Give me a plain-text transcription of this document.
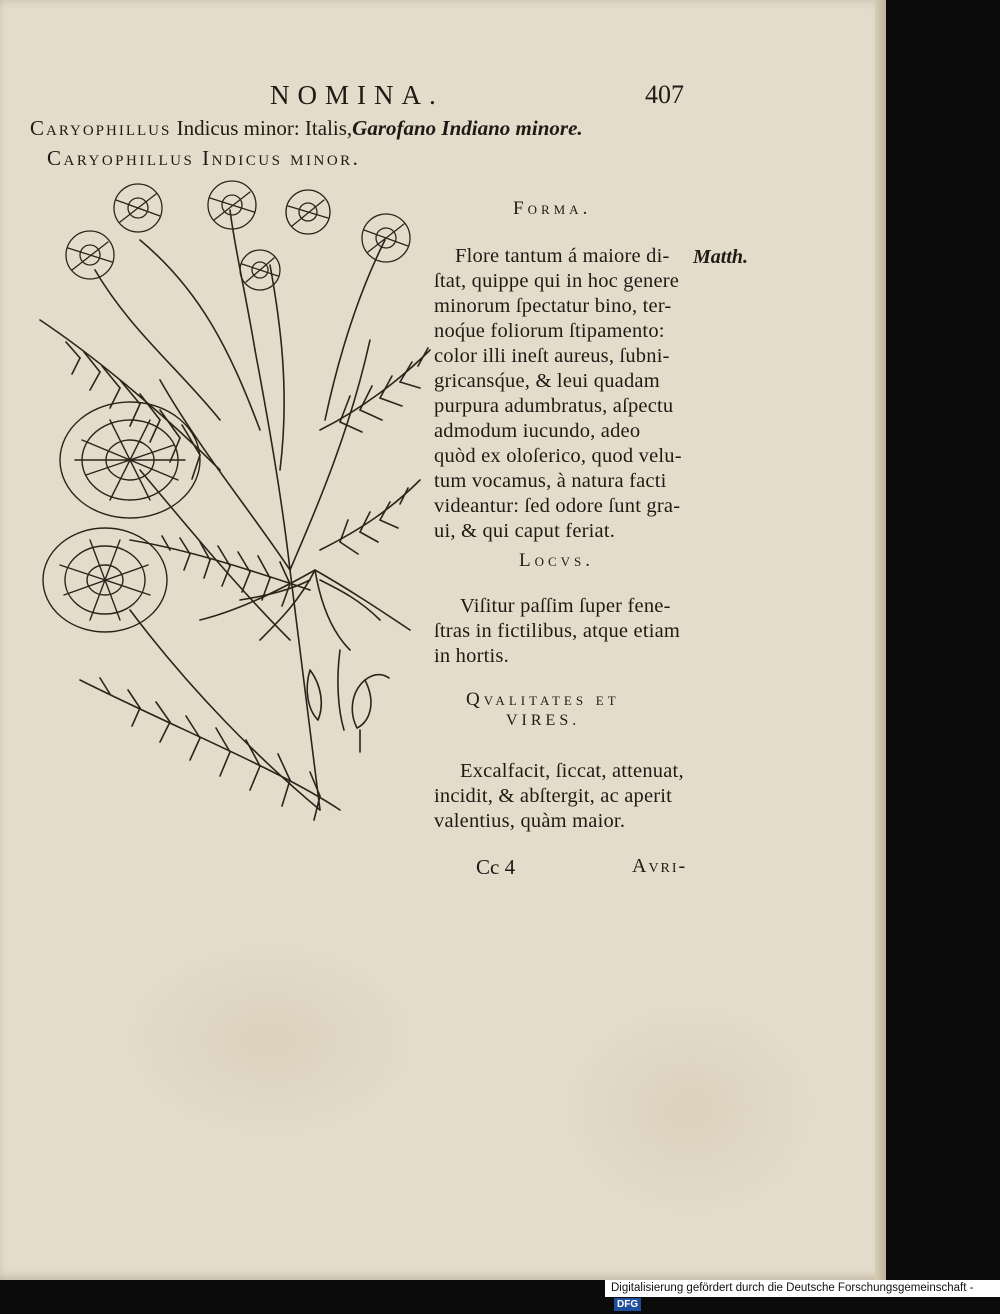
NOMINA.	407
Caryophillus Indicus minor: Italis,Garofano Indiano minore.
Caryophillus Indicus minor.
Forma.
Matth.
Flore tantum á maiore di-
ſtat, quippe qui in hoc genere
minorum ſpectatur bino, ter-
noq́ue foliorum ſtipamento:
color illi ineſt aureus, ſubni-
gricansq́ue, & leui quadam
purpura adumbratus, aſpectu
admodum iucundo, adeo
quòd ex oloſerico, quod velu-
tum vocamus, à natura facti
videantur: ſed odore ſunt gra-
ui, & qui caput feriat.
Locvs.
Viſitur paſſim ſuper fene-
ſtras in fictilibus, atque etiam
in hortis.
Qvalitates et
VIRES.
Excalfacit, ſiccat, attenuat,
incidit, & abſtergit, ac aperit
valentius, quàm maior.
Cc 4	Avri-
Digitalisierung gefördert durch die Deutsche Forschungsgemeinschaft - DFG
